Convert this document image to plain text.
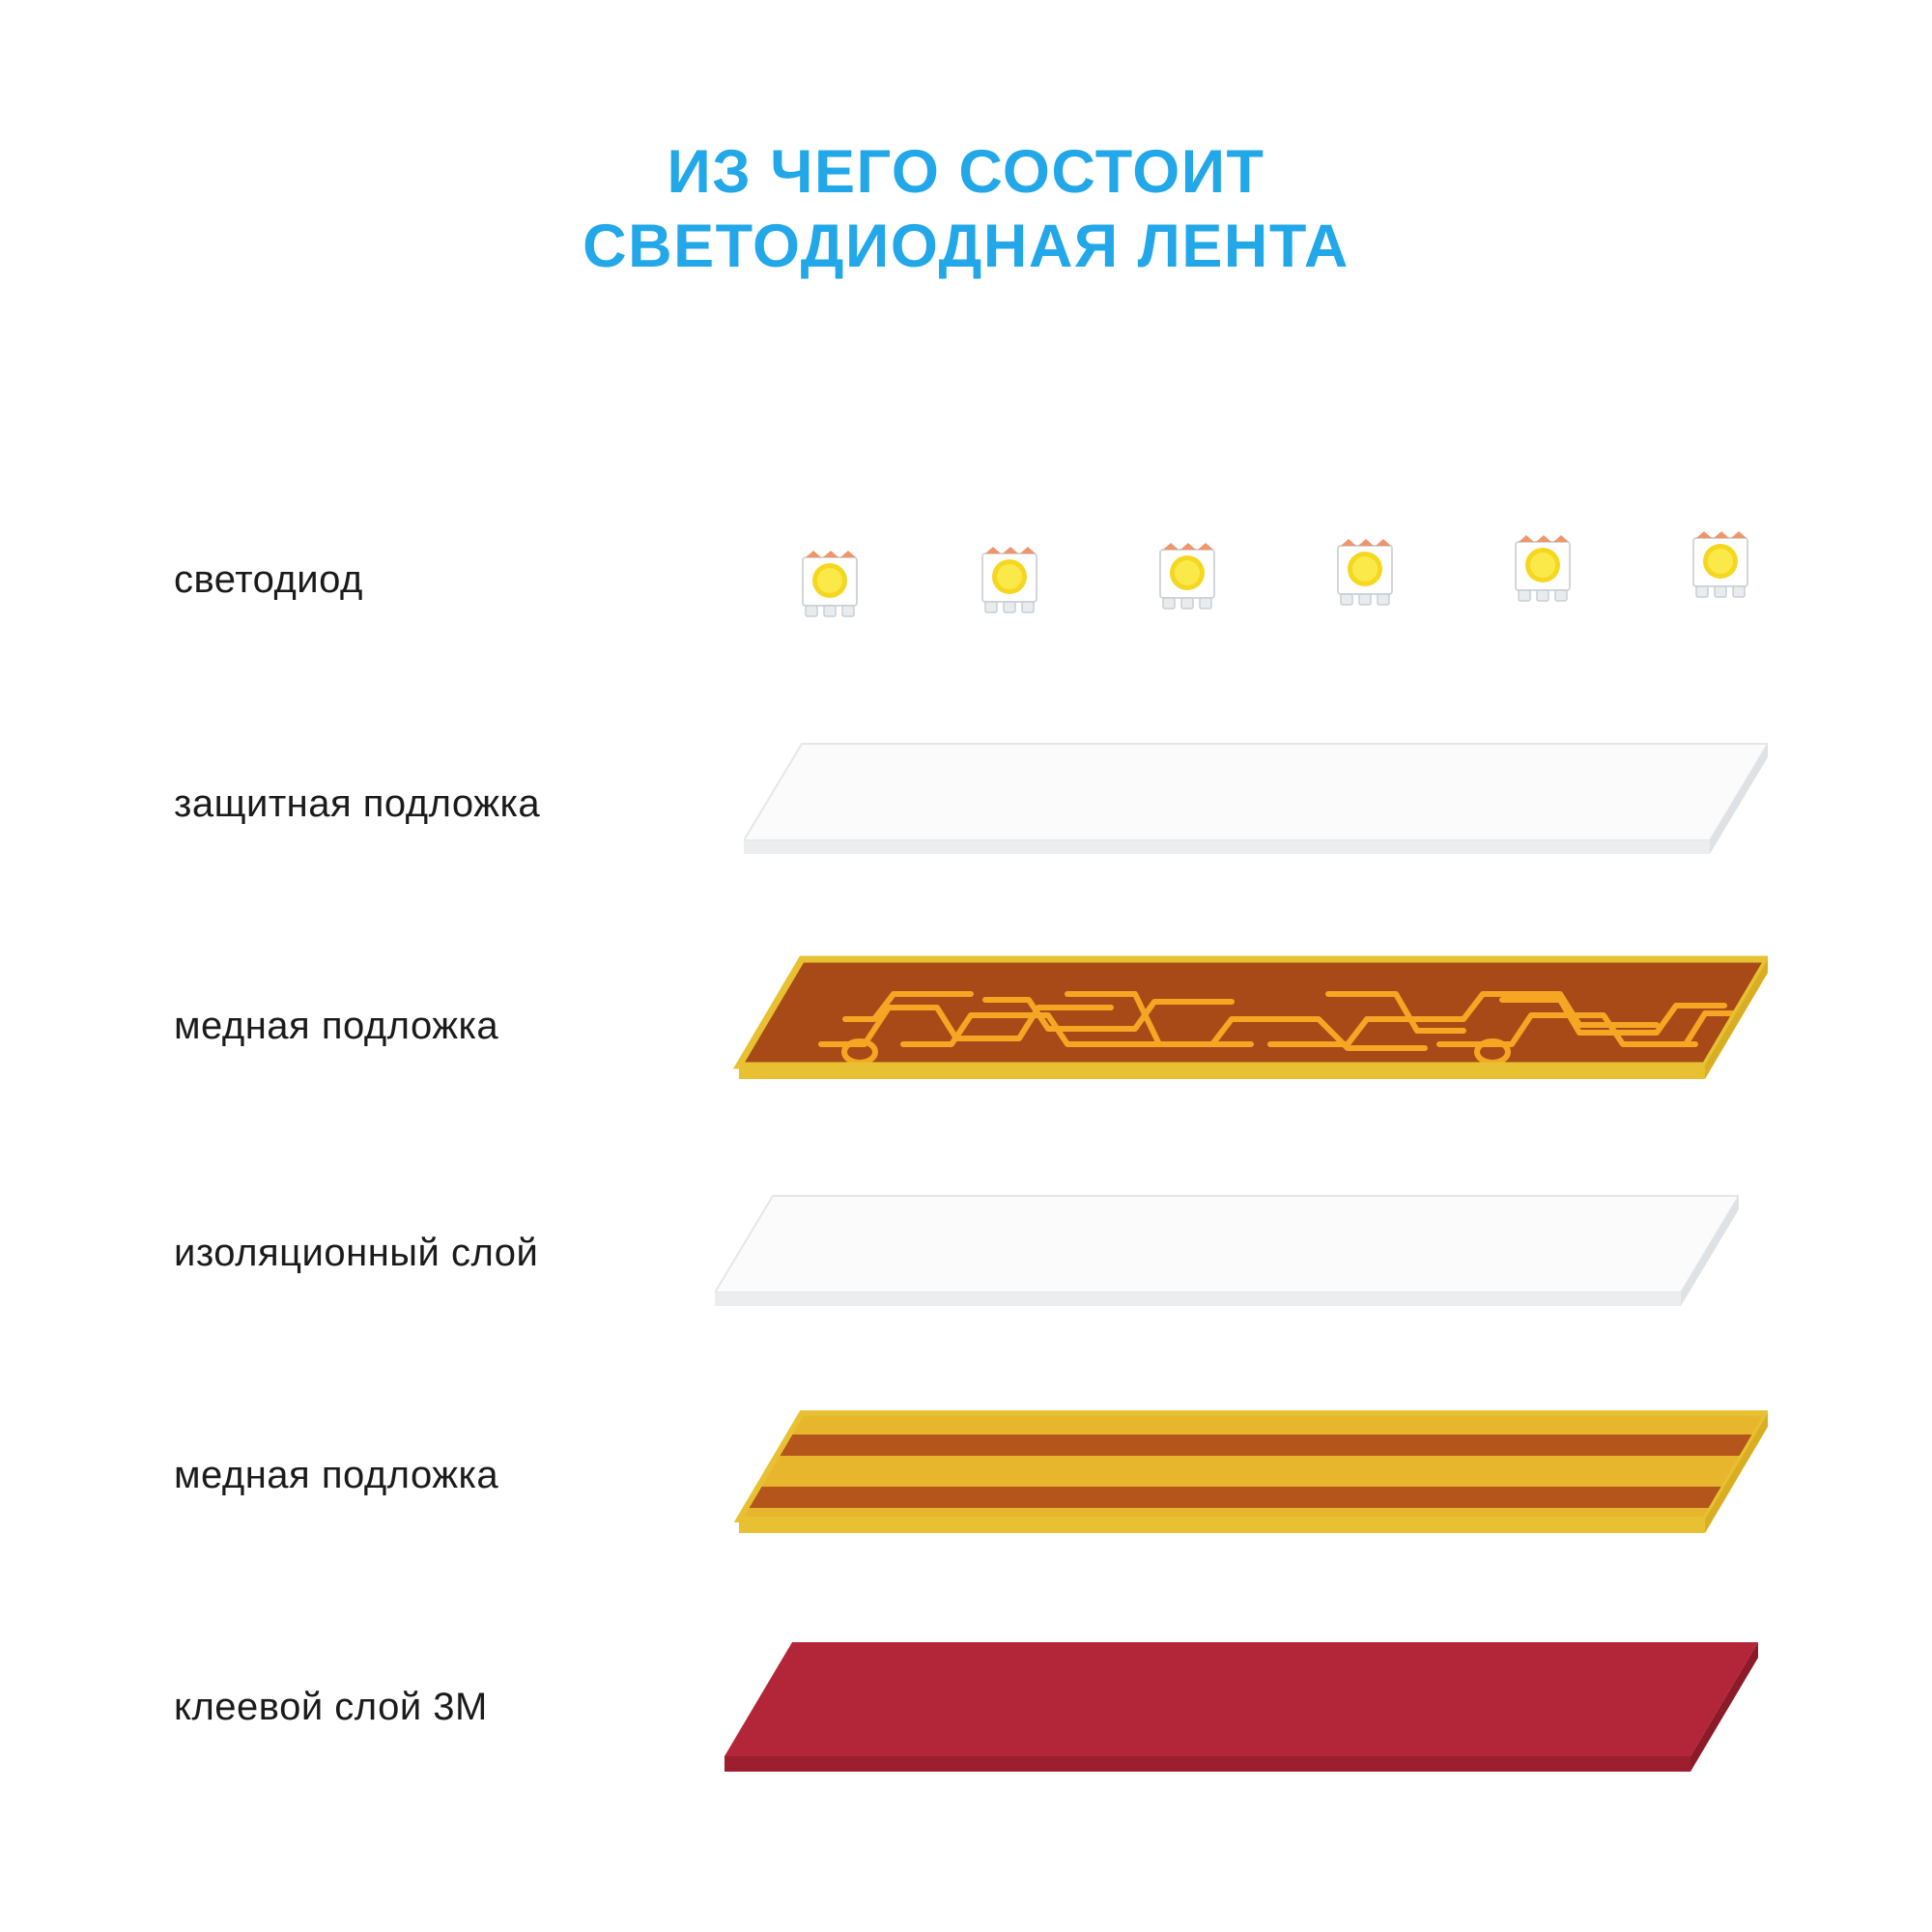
ИЗ ЧЕГО СОСТОИТ
СВЕТОДИОДНАЯ ЛЕНТА
светодиод
защитная подложка
медная подложка
изоляционный слой
медная подложка
клеевой слой 3M
